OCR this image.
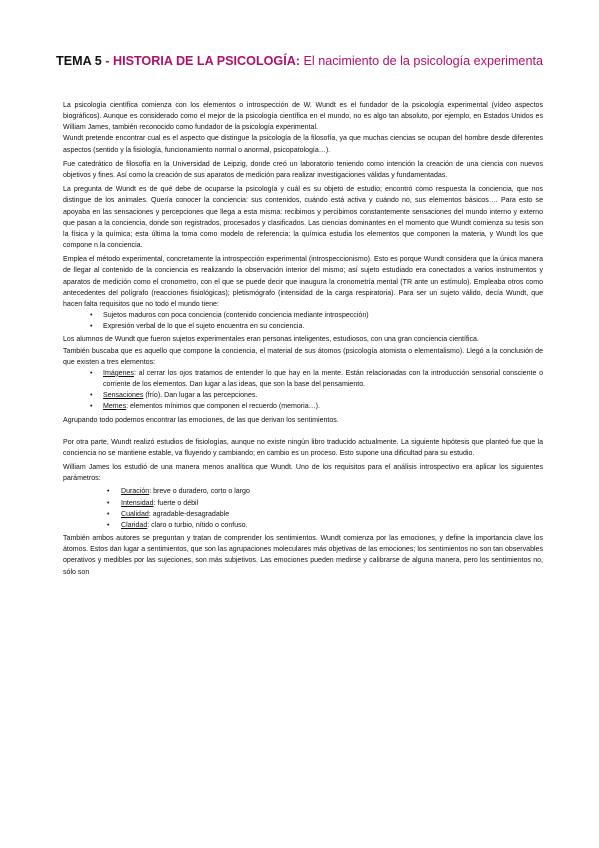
TEMA 5 - HISTORIA DE LA PSICOLOGÍA: El nacimiento de la psicología experimenta

La psicología científica comienza con los elementos o introspección de W. Wundt es el fundador de la psicología experimental (vídeo aspectos biográficos). Aunque es considerado como el mejor de la psicología científica en el mundo, no es algo tan absoluto, por ejemplo, en Estados Unidos es William James, también reconocido como fundador de la psicología experimental.

Wundt pretende encontrar cual es el aspecto que distingue la psicología de la filosofía, ya que muchas ciencias se ocupan del hombre desde diferentes aspectos (sentido y la fisiología, funcionamiento normal o anormal, psicopatología…).

Fue catedrático de filosofía en la Universidad de Leipzig, donde creó un laboratorio teniendo como intención la creación de una ciencia con nuevos objetivos y fines. Así como la creación de sus aparatos de medición para realizar investigaciones válidas y fundamentadas.

La pregunta de Wundt es de qué debe de ocuparse la psicología y cuál es su objeto de estudio; encontró como respuesta la conciencia, que nos distingue de los animales. Quería conocer la conciencia: sus contenidos, cuándo está activa y cuándo no, sus elementos básicos…. Para esto se apoyaba en las sensaciones y percepciones que llega a esta misma: recibimos y percibimos constantemente sensaciones del mundo interno y externo que pasan a la conciencia, donde son registrados, procesados y clasificados. Las ciencias dominantes en el momento que Wundt comienza su tesis son la física y la química; esta última la toma como modelo de referencia: la química estudia los elementos que componen la materia, y Wundt los que compone n la conciencia.

Emplea el método experimental, concretamente la introspección experimental (introspeccionismo). Esto es porque Wundt considera que la única manera de llegar al contenido de la conciencia es realizando la observación interior del mismo; así sujeto estudiado era conectados a varios instrumentos y aparatos de medición como el cronometro, con el que se puede decir que inaugura la cronometría mental (TR ante un estímulo). Empleaba otros como antecedentes del polígrafo (reacciones fisiológicas); pletismógrafo (intensidad de la carga respiratoria). Para ser un sujeto válido, decía Wundt, que hacen falta requisitos que no todo el mundo tiene:

• Sujetos maduros con poca conciencia (contenido conciencia mediante introspección)
• Expresión verbal de lo que el sujeto encuentra en su conciencia.

Los alumnos de Wundt que fueron sujetos experimentales eran personas inteligentes, estudiosos, con una gran conciencia científica.

También buscaba que es aquello que compone la conciencia, el material de sus átomos (psicología atomista o elementalismo). Llegó a la conclusión de que existen a tres elementos:

• Imágenes: al cerrar los ojos tratamos de entender lo que hay en la mente. Están relacionadas con la introducción sensorial consciente o corriente de los elementos. Dan lugar a las ideas, que son la base del pensamiento.
• Sensaciones (frío). Dan lugar a las percepciones.
• Memes: elementos mínimos que componen el recuerdo (memoria…).

Agrupando todo podemos encontrar las emociones, de las que derivan los sentimientos.

Por otra parte, Wundt realizó estudios de fisiologías, aunque no existe ningún libro traducido actualmente. La siguiente hipótesis que planteó fue que la conciencia no se mantiene estable, va fluyendo y cambiando; en cambio es un proceso. Esto supone una dificultad para su estudio.

William James los estudió de una manera menos analítica que Wundt. Uno de los requisitos para el análisis introspectivo era aplicar los siguientes parámetros:

• Duración: breve o duradero, corto o largo
• Intensidad: fuerte o débil
• Cualidad: agradable-desagradable
• Claridad: claro o turbio, nítido o confuso.

También ambos autores se preguntan y tratan de comprender los sentimientos. Wundt comienza por las emociones, y define la importancia clave los átomos. Estos dan lugar a sentimientos, que son las agrupaciones moleculares más objetivas de las emociones; los sentimientos no son tan observables operativos y medibles por las sujeciones, son más subjetivos. Las emociones pueden medirse y calibrarse de alguna manera, pero los sentimientos no, sólo son
